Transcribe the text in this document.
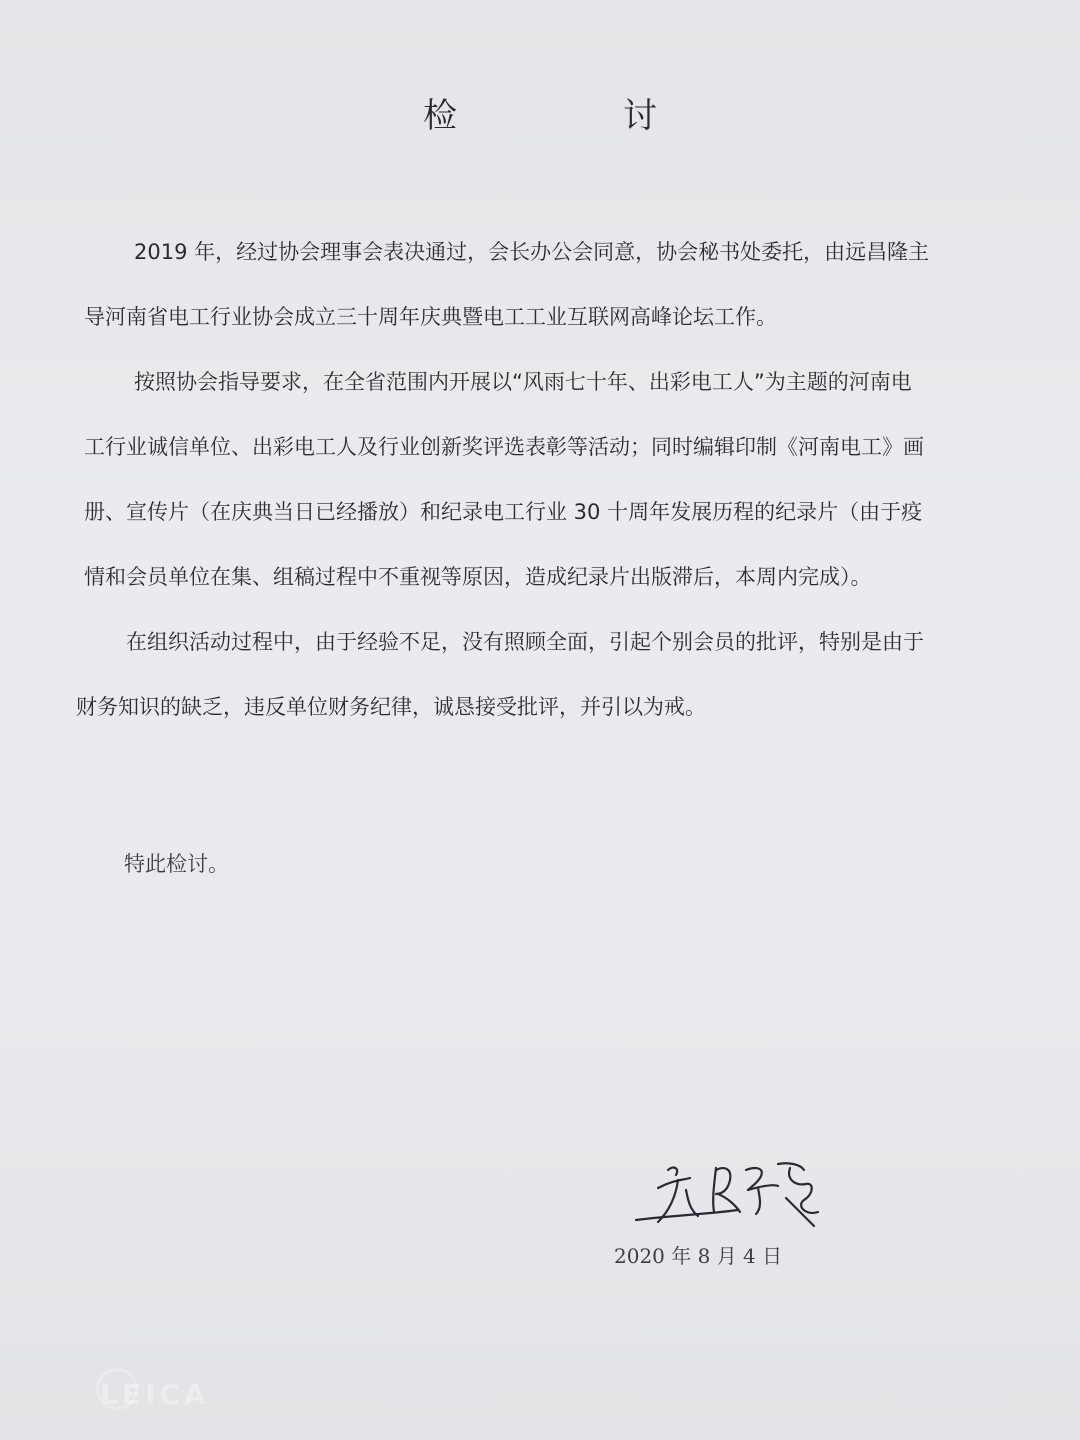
检　讨

2019 年，经过协会理事会表决通过，会长办公会同意，协会秘书处委托，由远昌隆主
导河南省电工行业协会成立三十周年庆典暨电工工业互联网高峰论坛工作。

按照协会指导要求，在全省范围内开展以“风雨七十年、出彩电工人”为主题的河南电
工行业诚信单位、出彩电工人及行业创新奖评选表彰等活动；同时编辑印制《河南电工》画
册、宣传片（在庆典当日已经播放）和纪录电工行业 30 十周年发展历程的纪录片（由于疫
情和会员单位在集、组稿过程中不重视等原因，造成纪录片出版滞后，本周内完成）。

在组织活动过程中，由于经验不足，没有照顾全面，引起个别会员的批评，特别是由于
财务知识的缺乏，违反单位财务纪律，诚恳接受批评，并引以为戒。

特此检讨。
2020 年 8 月 4 日
LEICA
